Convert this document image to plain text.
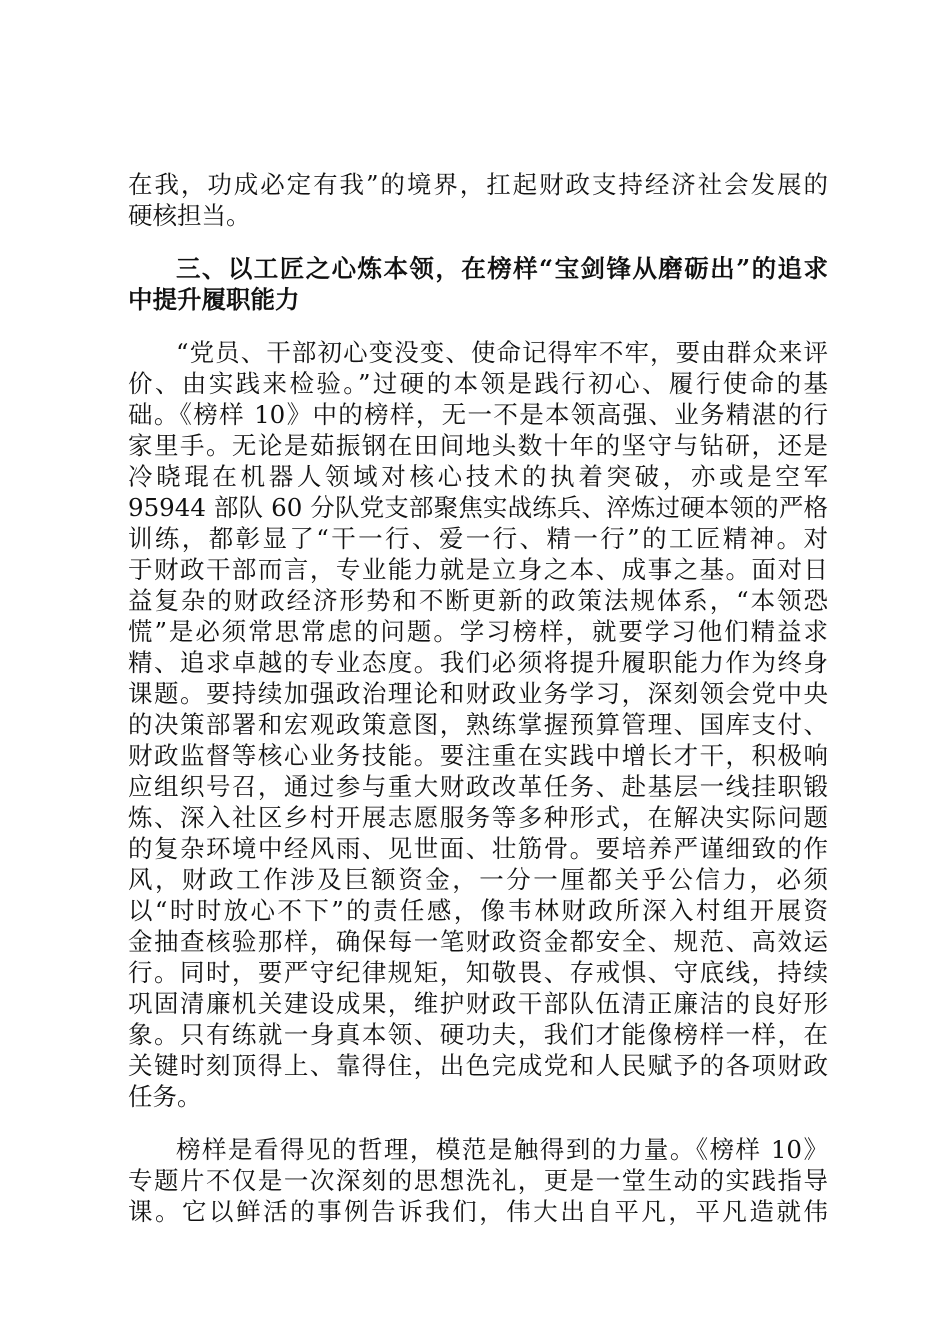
在我，功成必定有我”的境界，扛起财政支持经济社会发展的
硬核担当。
三、以工匠之心炼本领，在榜样“宝剑锋从磨砺出”的追求
中提升履职能力
“党员、干部初心变没变、使命记得牢不牢，要由群众来评
价、由实践来检验。”过硬的本领是践行初心、履行使命的基
础。《榜样 10》中的榜样，无一不是本领高强、业务精湛的行
家里手。无论是茹振钢在田间地头数十年的坚守与钻研，还是
冷晓琨在机器人领域对核心技术的执着突破，亦或是空军
95944 部队 60 分队党支部聚焦实战练兵、淬炼过硬本领的严格
训练，都彰显了“干一行、爱一行、精一行”的工匠精神。对
于财政干部而言，专业能力就是立身之本、成事之基。面对日
益复杂的财政经济形势和不断更新的政策法规体系，“本领恐
慌”是必须常思常虑的问题。学习榜样，就要学习他们精益求
精、追求卓越的专业态度。我们必须将提升履职能力作为终身
课题。要持续加强政治理论和财政业务学习，深刻领会党中央
的决策部署和宏观政策意图，熟练掌握预算管理、国库支付、
财政监督等核心业务技能。要注重在实践中增长才干，积极响
应组织号召，通过参与重大财政改革任务、赴基层一线挂职锻
炼、深入社区乡村开展志愿服务等多种形式，在解决实际问题
的复杂环境中经风雨、见世面、壮筋骨。要培养严谨细致的作
风，财政工作涉及巨额资金，一分一厘都关乎公信力，必须
以“时时放心不下”的责任感，像韦林财政所深入村组开展资
金抽查核验那样，确保每一笔财政资金都安全、规范、高效运
行。同时，要严守纪律规矩，知敬畏、存戒惧、守底线，持续
巩固清廉机关建设成果，维护财政干部队伍清正廉洁的良好形
象。只有练就一身真本领、硬功夫，我们才能像榜样一样，在
关键时刻顶得上、靠得住，出色完成党和人民赋予的各项财政
任务。
榜样是看得见的哲理，模范是触得到的力量。《榜样 10》
专题片不仅是一次深刻的思想洗礼，更是一堂生动的实践指导
课。它以鲜活的事例告诉我们，伟大出自平凡，平凡造就伟
